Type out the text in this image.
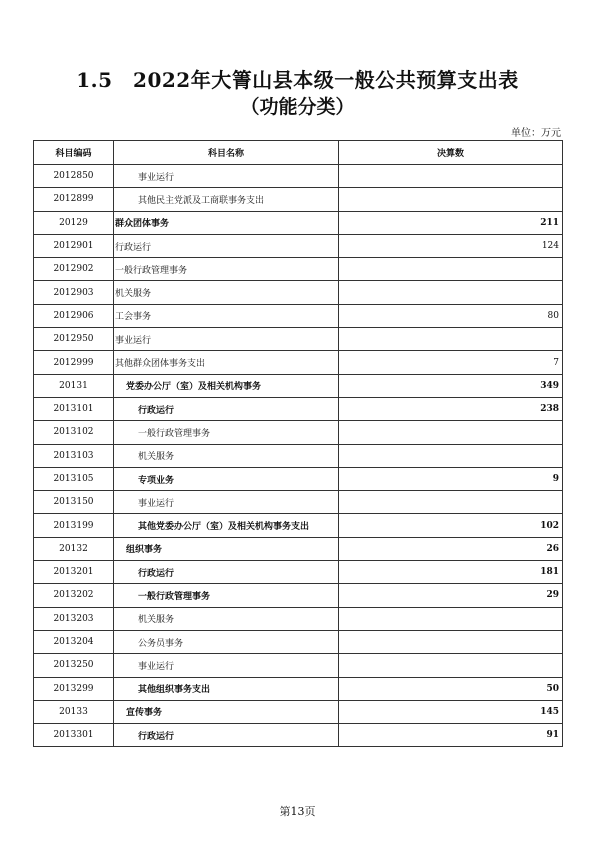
1.5　2022年大箐山县本级一般公共预算支出表
（功能分类）
单位：万元
科目编码	科目名称	决算数
2012850	事业运行	
2012899	其他民主党派及工商联事务支出	
20129	群众团体事务	211
2012901	行政运行	124
2012902	一般行政管理事务	
2012903	机关服务	
2012906	工会事务	80
2012950	事业运行	
2012999	其他群众团体事务支出	7
20131	党委办公厅（室）及相关机构事务	349
2013101	行政运行	238
2013102	一般行政管理事务	
2013103	机关服务	
2013105	专项业务	9
2013150	事业运行	
2013199	其他党委办公厅（室）及相关机构事务支出	102
20132	组织事务	26
2013201	行政运行	181
2013202	一般行政管理事务	29
2013203	机关服务	
2013204	公务员事务	
2013250	事业运行	
2013299	其他组织事务支出	50
20133	宣传事务	145
2013301	行政运行	91
第13页
